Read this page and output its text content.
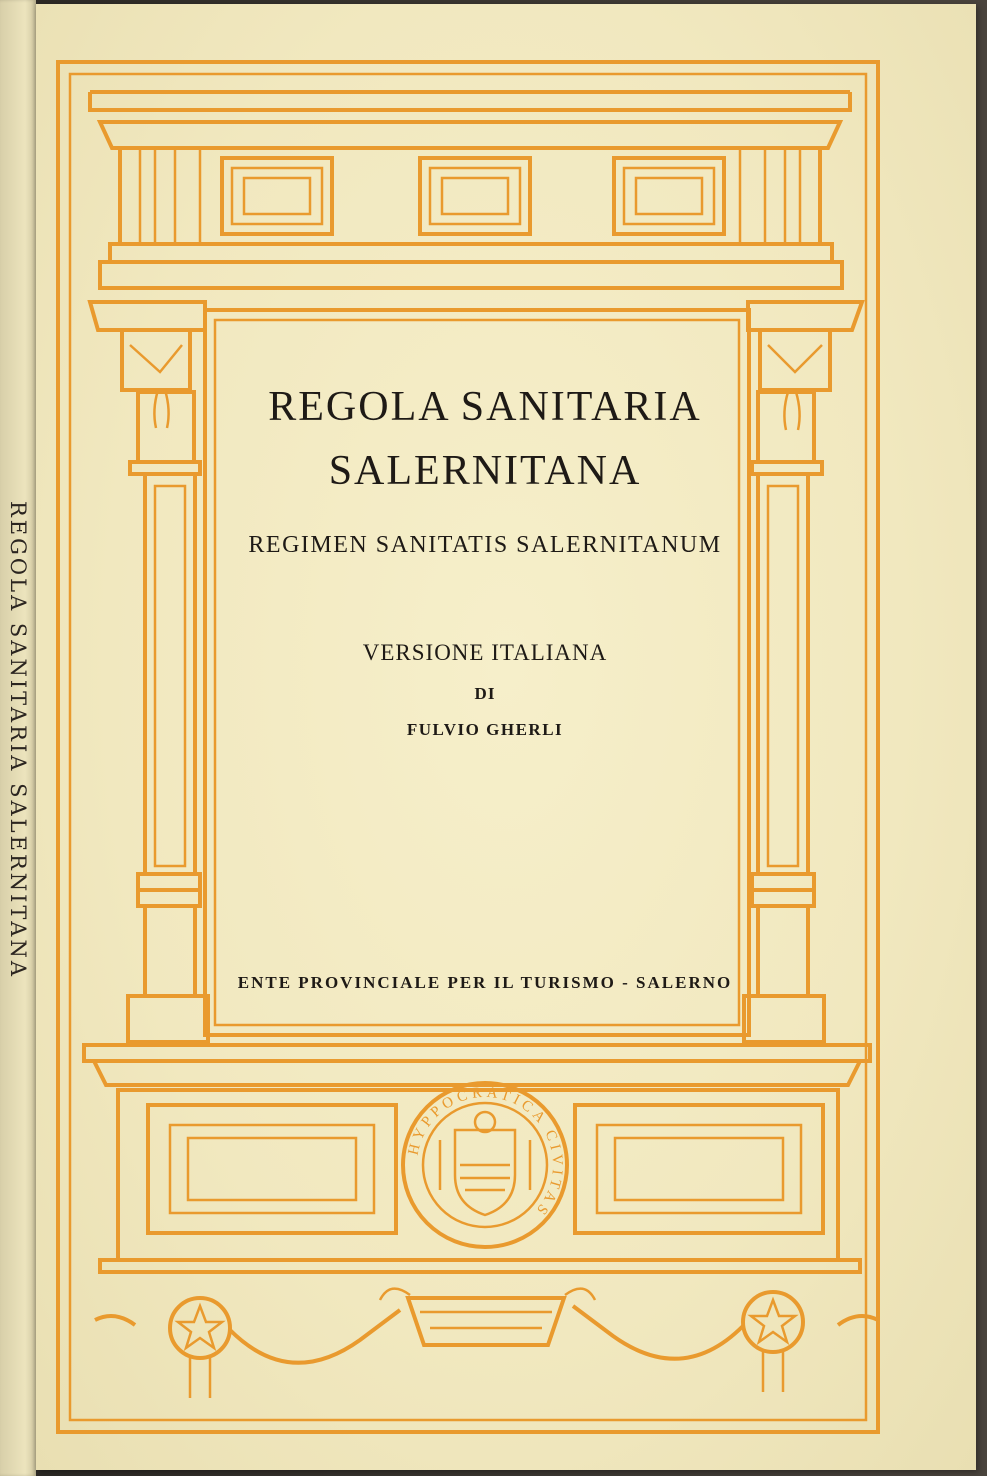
REGOLA SANITARIA SALERNITANA
HYPPOCRATICA CIVITAS
REGOLA SANITARIA
SALERNITANA
REGIMEN SANITATIS SALERNITANUM
VERSIONE ITALIANA
DI
FULVIO GHERLI
ENTE PROVINCIALE PER IL TURISMO - SALERNO
